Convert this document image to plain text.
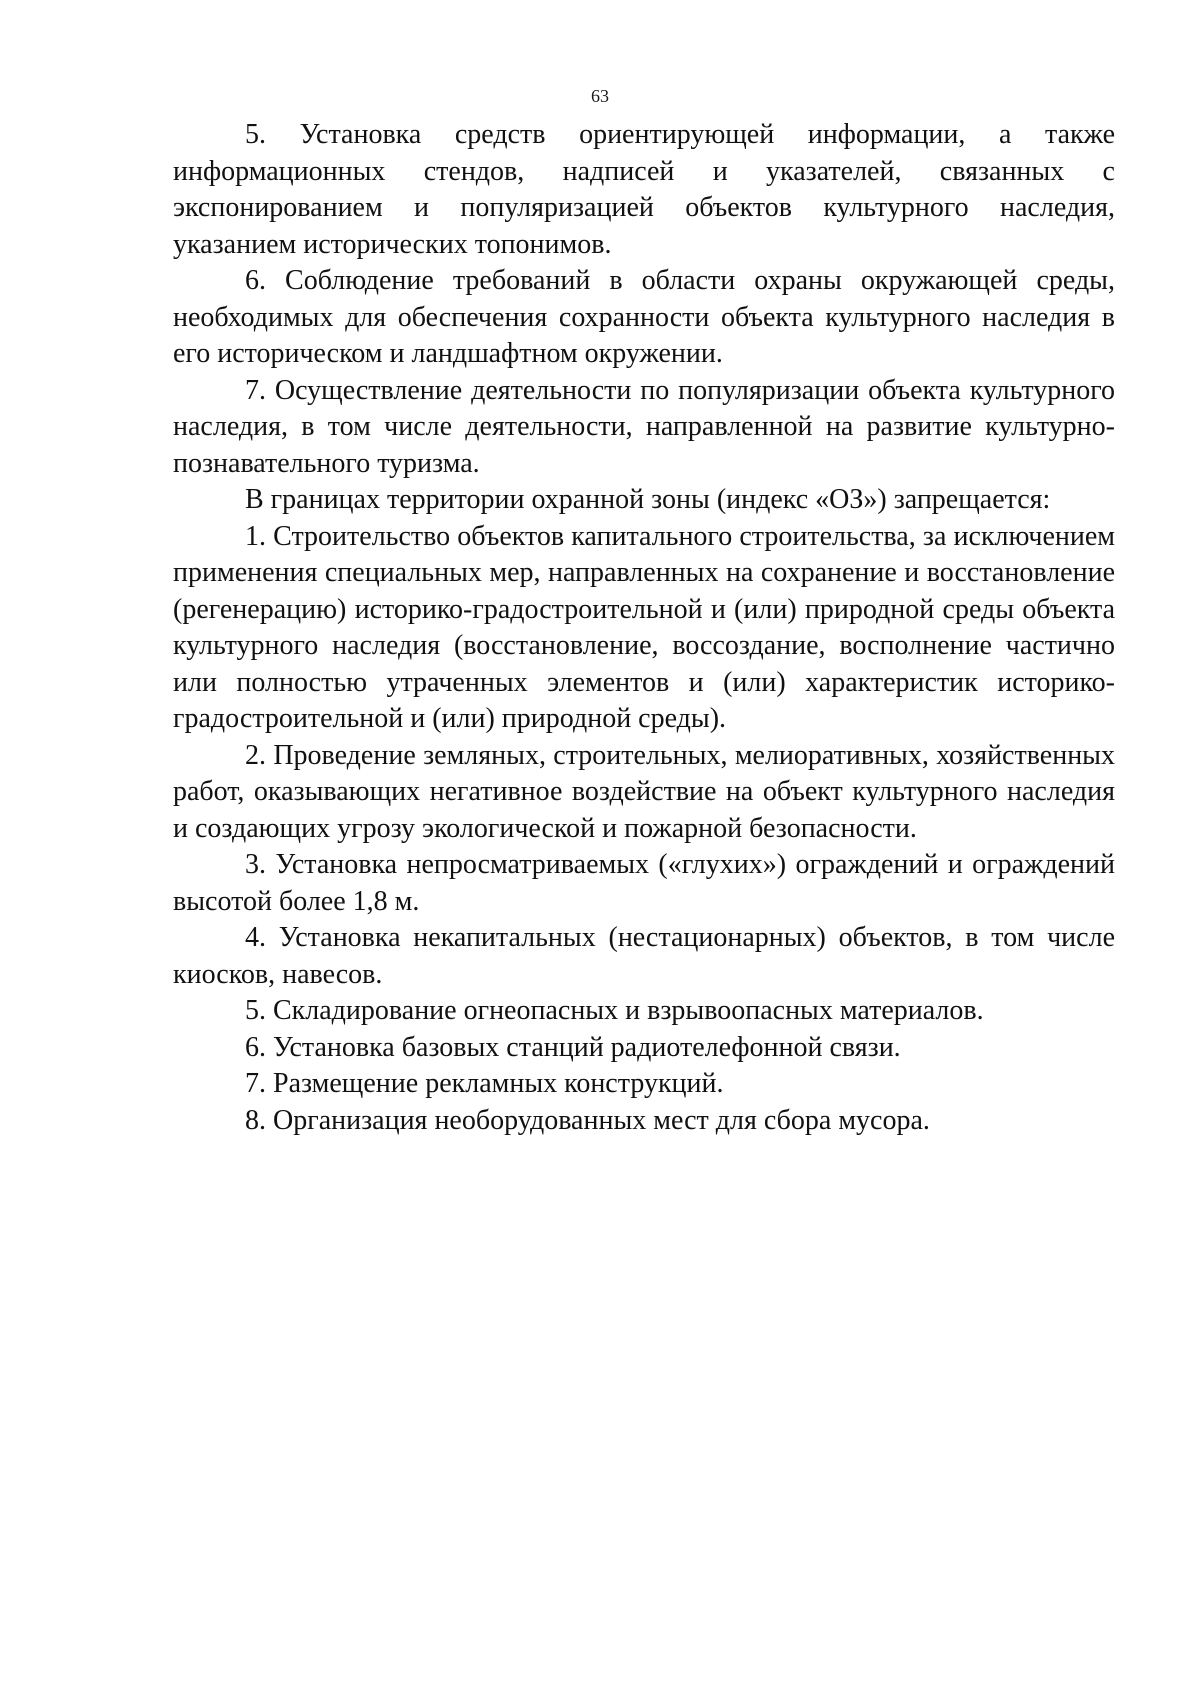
63

5. Установка средств ориентирующей информации, а также информационных стендов, надписей и указателей, связанных с экспонированием и популяризацией объектов культурного наследия, указанием исторических топонимов.

6. Соблюдение требований в области охраны окружающей среды, необходимых для обеспечения сохранности объекта культурного наследия в его историческом и ландшафтном окружении.

7. Осуществление деятельности по популяризации объекта культурного наследия, в том числе деятельности, направленной на развитие культурно-познавательного туризма.

В границах территории охранной зоны (индекс «ОЗ») запрещается:

1. Строительство объектов капитального строительства, за исключением применения специальных мер, направленных на сохранение и восстановление (регенерацию) историко-градостроительной и (или) природной среды объекта культурного наследия (восстановление, воссоздание, восполнение частично или полностью утраченных элементов и (или) характеристик историко-градостроительной и (или) природной среды).

2. Проведение земляных, строительных, мелиоративных, хозяйственных работ, оказывающих негативное воздействие на объект культурного наследия и создающих угрозу экологической и пожарной безопасности.

3. Установка непросматриваемых («глухих») ограждений и ограждений высотой более 1,8 м.

4. Установка некапитальных (нестационарных) объектов, в том числе киосков, навесов.

5. Складирование огнеопасных и взрывоопасных материалов.

6. Установка базовых станций радиотелефонной связи.

7. Размещение рекламных конструкций.

8. Организация необорудованных мест для сбора мусора.
